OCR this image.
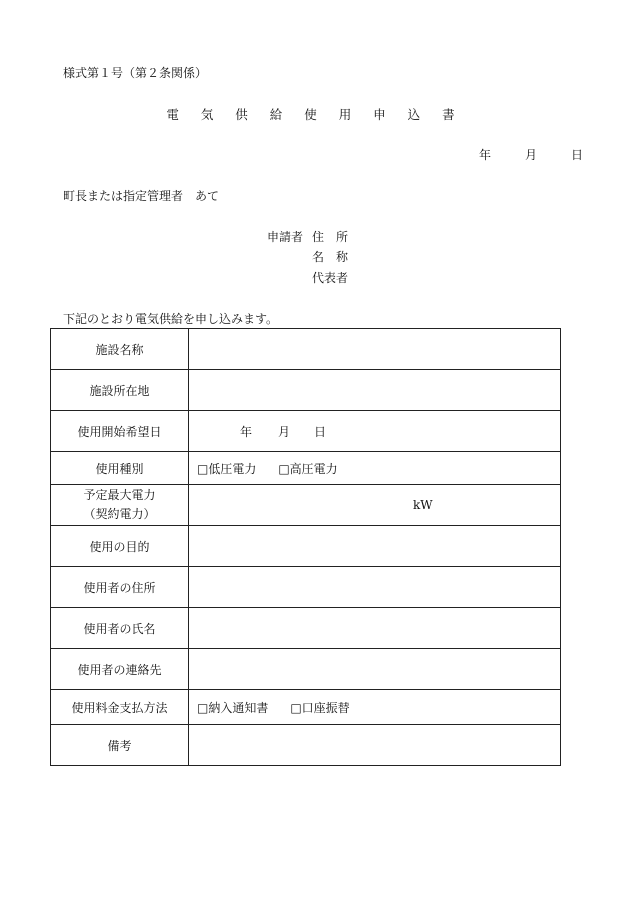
様式第１号（第２条関係）
電 気 供 給 使 用 申 込 書
年	月	日
町長または指定管理者　あて
申請者 住　所
名　称
代表者
下記のとおり電気供給を申し込みます。
施設名称	
施設所在地	
使用開始希望日	年 月 日
使用種別	□低圧電力 □高圧電力

予定最大電力
（契約電力）	kW
使用の目的	
使用者の住所	
使用者の氏名	
使用者の連絡先	
使用料金支払方法	□納入通知書 □口座振替
備考	
